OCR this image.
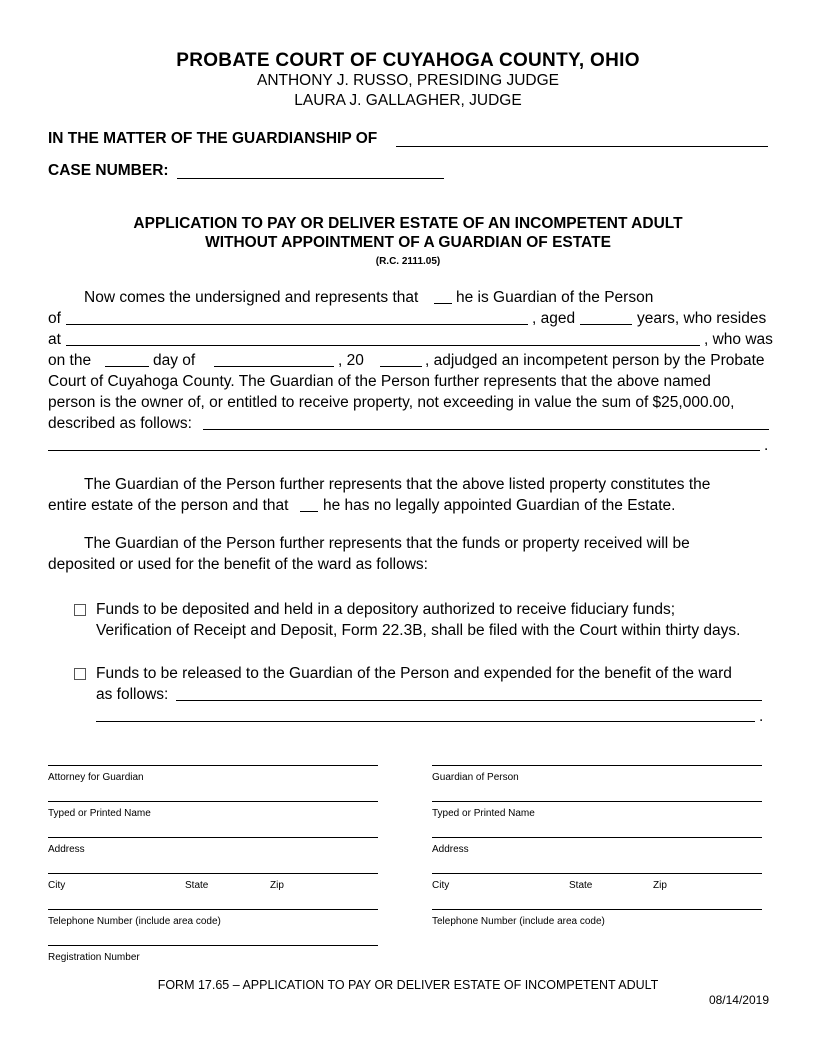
PROBATE COURT OF CUYAHOGA COUNTY, OHIO
ANTHONY J. RUSSO, PRESIDING JUDGE
LAURA J. GALLAGHER, JUDGE
IN THE MATTER OF THE GUARDIANSHIP OF
CASE NUMBER:
APPLICATION TO PAY OR DELIVER ESTATE OF AN INCOMPETENT ADULT
WITHOUT APPOINTMENT OF A GUARDIAN OF ESTATE
(R.C. 2111.05)
Now comes the undersigned and represents that he is Guardian of the Person
of	, aged	years, who resides
at	, who was
on the	day of	, 20	, adjudged an incompetent person by the Probate
Court of Cuyahoga County. The Guardian of the Person further represents that the above named
person is the owner of, or entitled to receive property, not exceeding in value the sum of $25,000.00,
described as follows:
.
The Guardian of the Person further represents that the above listed property constitutes the
entire estate of the person and that he has no legally appointed Guardian of the Estate.
The Guardian of the Person further represents that the funds or property received will be
deposited or used for the benefit of the ward as follows:
Funds to be deposited and held in a depository authorized to receive fiduciary funds;
Verification of Receipt and Deposit, Form 22.3B, shall be filed with the Court within thirty days.
Funds to be released to the Guardian of the Person and expended for the benefit of the ward
as follows:
.
Attorney for Guardian
Typed or Printed Name
Address
City	State	Zip
Telephone Number (include area code)
Registration Number
Guardian of Person
Typed or Printed Name
Address
City	State	Zip
Telephone Number (include area code)
FORM 17.65 – APPLICATION TO PAY OR DELIVER ESTATE OF INCOMPETENT ADULT
08/14/2019
